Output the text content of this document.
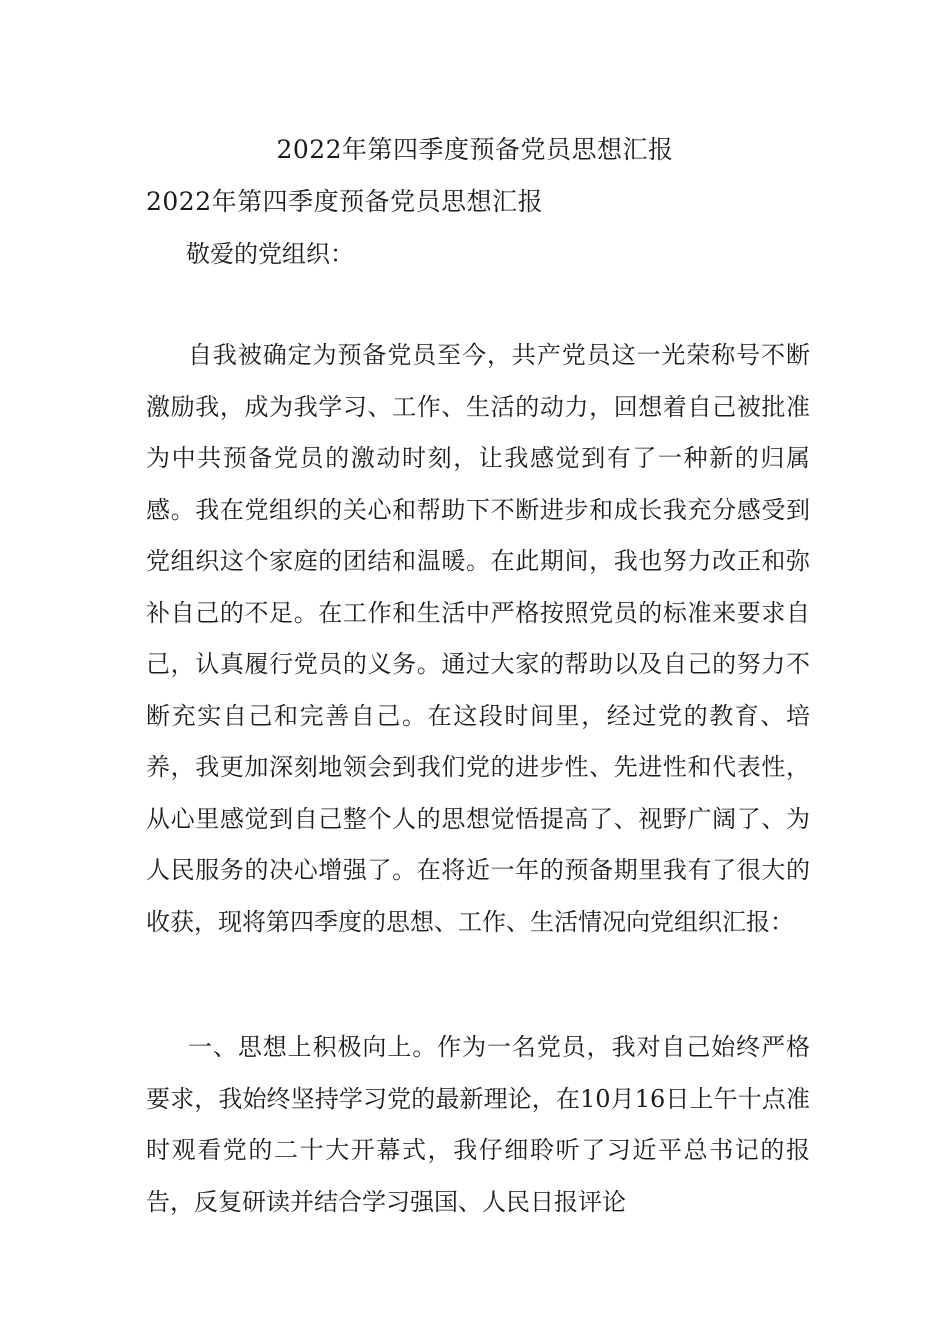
2022年第四季度预备党员思想汇报
2022年第四季度预备党员思想汇报
敬爱的党组织：

自我被确定为预备党员至今，共产党员这一光荣称号不断激励我，成为我学习、工作、生活的动力，回想着自己被批准为中共预备党员的激动时刻，让我感觉到有了一种新的归属感。我在党组织的关心和帮助下不断进步和成长我充分感受到党组织这个家庭的团结和温暖。在此期间，我也努力改正和弥补自己的不足。在工作和生活中严格按照党员的标准来要求自己，认真履行党员的义务。通过大家的帮助以及自己的努力不断充实自己和完善自己。在这段时间里，经过党的教育、培养，我更加深刻地领会到我们党的进步性、先进性和代表性，从心里感觉到自己整个人的思想觉悟提高了、视野广阔了、为人民服务的决心增强了。在将近一年的预备期里我有了很大的收获，现将第四季度的思想、工作、生活情况向党组织汇报：

一、思想上积极向上。作为一名党员，我对自己始终严格要求，我始终坚持学习党的最新理论，在10月16日上午十点准时观看党的二十大开幕式，我仔细聆听了习近平总书记的报告，反复研读并结合学习强国、人民日报评论
